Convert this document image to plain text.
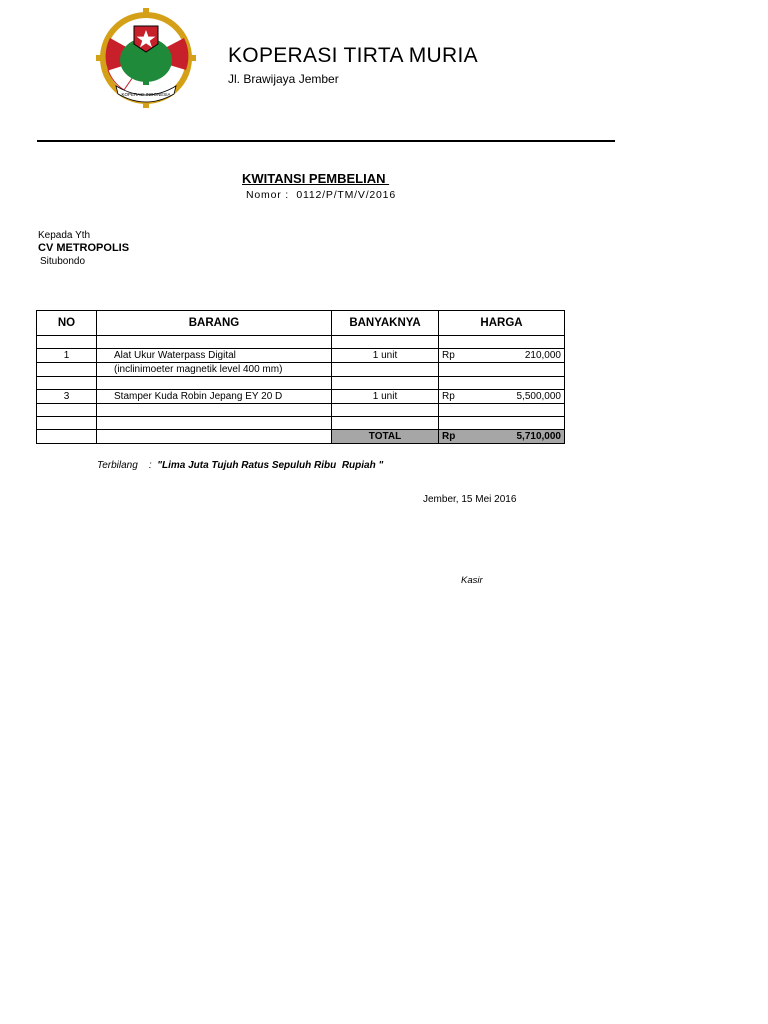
KOPERASI INDONESIA
KOPERASI TIRTA MURIA
Jl. Brawijaya Jember
KWITANSI PEMBELIAN
Nomor : 0112/P/TM/V/2016
Kepada Yth
CV METROPOLIS
Situbondo
NO	BARANG	BANYAKNYA	HARGA

1	Alat Ukur Waterpass Digital	1 unit	Rp 210,000

	(inclinimoeter magnetik level 400 mm)		

3	Stamper Kuda Robin Jepang EY 20 D	1 unit	Rp 5,500,000

		TOTAL	Rp 5,710,000
Terbilang : "Lima Juta Tujuh Ratus Sepuluh Ribu  Rupiah "
Jember, 15 Mei 2016
Kasir
